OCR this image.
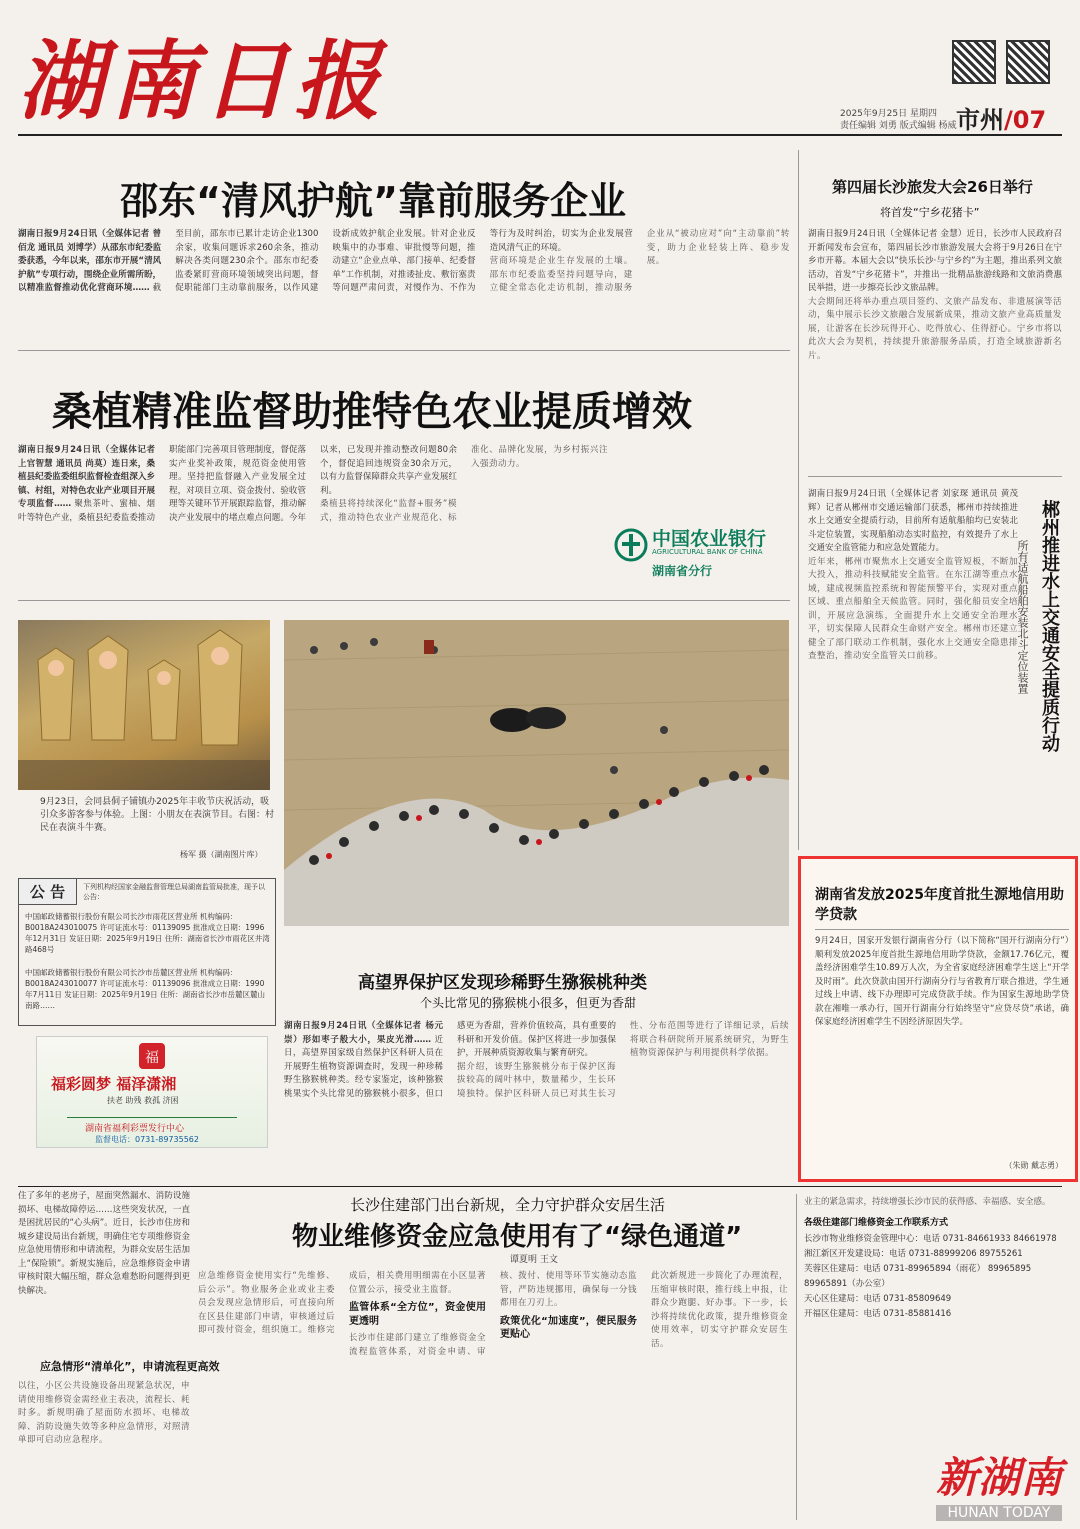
湖南日报	2025年9月25日 星期四
责任编辑 刘勇 版式编辑 杨威 市州/07
邵东“清风护航”靠前服务企业
湖南日报9月24日讯（全媒体记者 曾佰龙 通讯员 刘博学）从邵东市纪委监委获悉，今年以来，邵东市开展“清风护航”专项行动，围绕企业所需所盼，以精准监督推动优化营商环境…… 截至目前，邵东市已累计走访企业1300余家，收集问题诉求260余条，推动解决各类问题230余个。邵东市纪委监委紧盯营商环境领域突出问题，督促职能部门主动靠前服务，以作风建设新成效护航企业发展。针对企业反映集中的办事难、审批慢等问题，推动建立“企业点单、部门接单、纪委督单”工作机制，对推诿扯皮、敷衍塞责等问题严肃问责，对慢作为、不作为等行为及时纠治，切实为企业发展营造风清气正的环境。
营商环境是企业生存发展的土壤。邵东市纪委监委坚持问题导向，建立健全常态化走访机制，推动服务企业从“被动应对”向“主动靠前”转变，助力企业轻装上阵、稳步发展。
桑植精准监督助推特色农业提质增效
湖南日报9月24日讯（全媒体记者 上官智慧 通讯员 尚莫）连日来，桑植县纪委监委组织监督检查组深入乡镇、村组，对特色农业产业项目开展专项监督…… 聚焦茶叶、蜜柚、烟叶等特色产业，桑植县纪委监委推动职能部门完善项目管理制度，督促落实产业奖补政策，规范资金使用管理。坚持把监督融入产业发展全过程，对项目立项、资金拨付、验收管理等关键环节开展跟踪监督，推动解决产业发展中的堵点难点问题。今年以来，已发现并推动整改问题80余个，督促追回违规资金30余万元，以有力监督保障群众共享产业发展红利。
桑植县将持续深化“监督+服务”模式，推动特色农业产业规范化、标准化、品牌化发展，为乡村振兴注入强劲动力。
中国农业银行
AGRICULTURAL BANK OF CHINA
湖南省分行
9月23日，会同县侗子铺镇办2025年丰收节庆祝活动，吸引众多游客参与体验。上图：小朋友在表演节目。右图：村民在表演斗牛赛。
杨军 摄（湖南图片库）
公 告	下列机构经国家金融监督管理总局湖南监管局批准，现予以公告：
中国邮政储蓄银行股份有限公司长沙市雨花区营业所 机构编码：B0018A243010075 许可证流水号：01139095 批准成立日期：1996年12月31日 发证日期：2025年9月19日 住所：湖南省长沙市雨花区井湾路468号
中国邮政储蓄银行股份有限公司长沙市岳麓区营业所 机构编码：B0018A243010077 许可证流水号：01139096 批准成立日期：1990年7月11日 发证日期：2025年9月19日 住所：湖南省长沙市岳麓区麓山南路……
福
福彩圆梦 福泽潇湘
扶老 助残 救孤 济困
湖南省福利彩票发行中心
监督电话：0731-89735562
高望界保护区发现珍稀野生猕猴桃种类
个头比常见的猕猴桃小很多，但更为香甜
湖南日报9月24日讯（全媒体记者 杨元崇）形如枣子般大小，果皮光滑…… 近日，高望界国家级自然保护区科研人员在开展野生植物资源调查时，发现一种珍稀野生猕猴桃种类。经专家鉴定，该种猕猴桃果实个头比常见的猕猴桃小很多，但口感更为香甜，营养价值较高，具有重要的科研和开发价值。保护区将进一步加强保护，开展种质资源收集与繁育研究。
据介绍，该野生猕猴桃分布于保护区海拔较高的阔叶林中，数量稀少，生长环境独特。保护区科研人员已对其生长习性、分布范围等进行了详细记录，后续将联合科研院所开展系统研究，为野生植物资源保护与利用提供科学依据。
第四届长沙旅发大会26日举行
将首发“宁乡花猪卡”
湖南日报9月24日讯（全媒体记者 金慧）近日，长沙市人民政府召开新闻发布会宣布，第四届长沙市旅游发展大会将于9月26日在宁乡市开幕。本届大会以“快乐长沙·与宁乡约”为主题，推出系列文旅活动，首发“宁乡花猪卡”，并推出一批精品旅游线路和文旅消费惠民举措，进一步擦亮长沙文旅品牌。
大会期间还将举办重点项目签约、文旅产品发布、非遗展演等活动，集中展示长沙文旅融合发展新成果，推动文旅产业高质量发展，让游客在长沙玩得开心、吃得放心、住得舒心。宁乡市将以此次大会为契机，持续提升旅游服务品质，打造全域旅游新名片。
湖南日报9月24日讯（全媒体记者 刘家琛 通讯员 黄茂辉）记者从郴州市交通运输部门获悉，郴州市持续推进水上交通安全提质行动，目前所有适航船舶均已安装北斗定位装置，实现船舶动态实时监控，有效提升了水上交通安全监管能力和应急处置能力。
近年来，郴州市聚焦水上交通安全监管短板，不断加大投入，推动科技赋能安全监管。在东江湖等重点水域，建成视频监控系统和智能预警平台，实现对重点区域、重点船舶全天候监管。同时，强化船员安全培训，开展应急演练，全面提升水上交通安全治理水平，切实保障人民群众生命财产安全。郴州市还建立健全了部门联动工作机制，强化水上交通安全隐患排查整治，推动安全监管关口前移。	郴州推进水上交通安全提质行动
所有适航船舶安装北斗定位装置
湖南省发放2025年度首批生源地信用助学贷款
9月24日，国家开发银行湖南省分行（以下简称“国开行湖南分行”）顺利发放2025年度首批生源地信用助学贷款，金额17.76亿元，覆盖经济困难学生10.89万人次，为全省家庭经济困难学生送上“开学及时雨”。此次贷款由国开行湖南分行与省教育厅联合推进，学生通过线上申请、线下办理即可完成贷款手续。作为国家生源地助学贷款在湘唯一承办行，国开行湖南分行始终坚守“应贷尽贷”承诺，确保家庭经济困难学生不因经济原因失学。
（朱勋 戴志勇）
长沙住建部门出台新规，全力守护群众安居生活
物业维修资金应急使用有了“绿色通道”
谭夏明 王文
住了多年的老房子，屋面突然漏水、消防设施损坏、电梯故障停运……这些突发状况，一直是困扰居民的“心头病”。近日，长沙市住房和城乡建设局出台新规，明确住宅专项维修资金应急使用情形和申请流程，为群众安居生活加上“保险锁”。新规实施后，应急维修资金申请审核时限大幅压缩，群众急难愁盼问题得到更快解决。
应急情形“清单化”，申请流程更高效
以往，小区公共设施设备出现紧急状况，申请使用维修资金需经业主表决，流程长、耗时多。新规明确了屋面防水损坏、电梯故障、消防设施失效等多种应急情形，对照清单即可启动应急程序。
应急维修资金使用实行“先维修、后公示”。物业服务企业或业主委员会发现应急情形后，可直接向所在区县住建部门申请，审核通过后即可拨付资金，组织施工。维修完成后，相关费用明细需在小区显著位置公示，接受业主监督。
监管体系“全方位”，资金使用更透明
长沙市住建部门建立了维修资金全流程监管体系，对资金申请、审核、拨付、使用等环节实施动态监管，严防违规挪用，确保每一分钱都用在刀刃上。
政策优化“加速度”，便民服务更贴心
此次新规进一步简化了办理流程，压缩审核时限，推行线上申报，让群众少跑腿、好办事。下一步，长沙将持续优化政策，提升维修资金使用效率，切实守护群众安居生活。
业主的紧急需求，持续增强长沙市民的获得感、幸福感、安全感。
各级住建部门维修资金工作联系方式
长沙市物业维修资金管理中心：电话 0731-84661933 84661978
湘江新区开发建设局：电话 0731-88999206 89755261
芙蓉区住建局：电话 0731-89965894（雨花） 89965895 89965891（办公室）
天心区住建局：电话 0731-85809649
开福区住建局：电话 0731-85881416
新湖南
HUNAN TODAY
